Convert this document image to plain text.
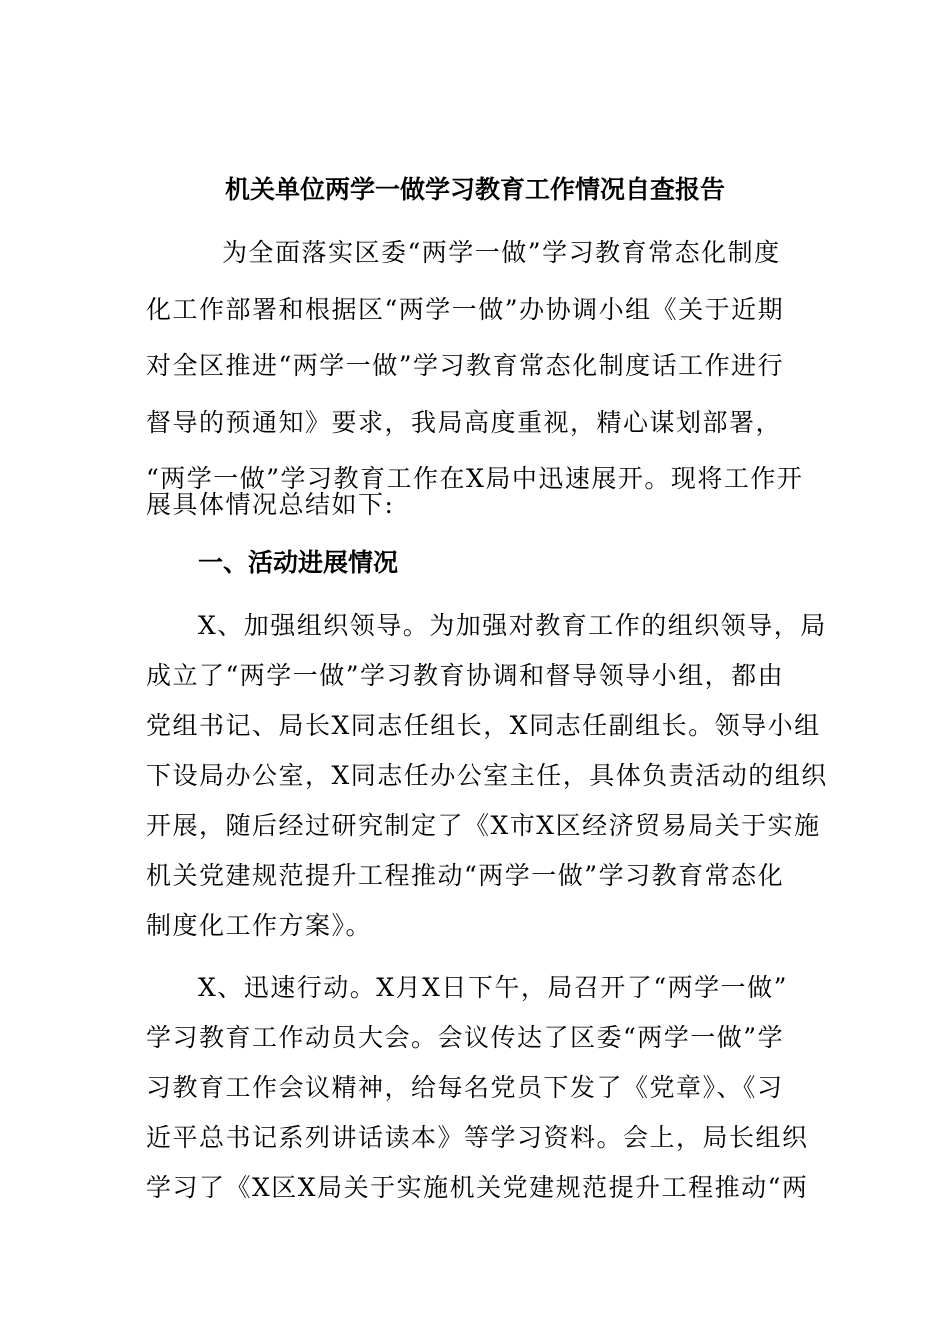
机关单位两学一做学习教育工作情况自查报告
为全面落实区委“两学一做”学习教育常态化制度
化工作部署和根据区“两学一做”办协调小组《关于近期
对全区推进“两学一做”学习教育常态化制度话工作进行
督导的预通知》要求，我局高度重视，精心谋划部署，
“两学一做”学习教育工作在X局中迅速展开。现将工作开
展具体情况总结如下:
一、活动进展情况
X、加强组织领导。为加强对教育工作的组织领导，局
成立了“两学一做”学习教育协调和督导领导小组，都由
党组书记、局长X同志任组长，X同志任副组长。领导小组
下设局办公室，X同志任办公室主任，具体负责活动的组织
开展，随后经过研究制定了《X市X区经济贸易局关于实施
机关党建规范提升工程推动“两学一做”学习教育常态化
制度化工作方案》。
X、迅速行动。X月X日下午，局召开了“两学一做”
学习教育工作动员大会。会议传达了区委“两学一做”学
习教育工作会议精神，给每名党员下发了《党章》、《习
近平总书记系列讲话读本》等学习资料。会上，局长组织
学习了《X区X局关于实施机关党建规范提升工程推动“两
